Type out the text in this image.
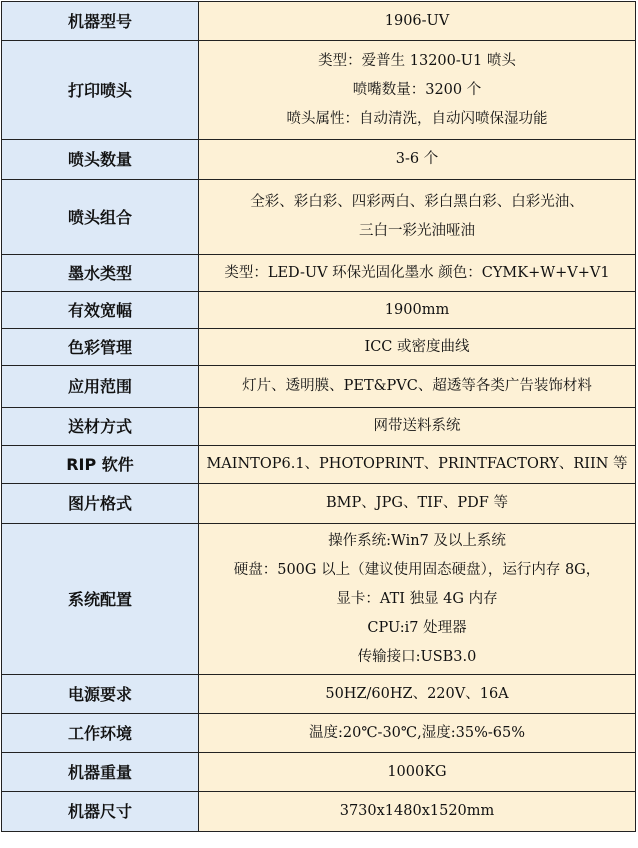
机器型号	1906-UV

打印喷头	类型：爱普生 13200-U1 喷头
喷嘴数量：3200 个
喷头属性：自动清洗，自动闪喷保湿功能

喷头数量	3-6 个

喷头组合	全彩、彩白彩、四彩两白、彩白黑白彩、白彩光油、
三白一彩光油哑油

墨水类型	类型：LED-UV 环保光固化墨水 颜色：CYMK+W+V+V1

有效宽幅	1900mm

色彩管理	ICC 或密度曲线

应用范围	灯片、透明膜、PET&PVC、超透等各类广告装饰材料

送材方式	网带送料系统

RIP 软件	MAINTOP6.1、PHOTOPRINT、PRINTFACTORY、RIIN 等

图片格式	BMP、JPG、TIF、PDF 等

系统配置	操作系统:Win7 及以上系统
硬盘：500G 以上（建议使用固态硬盘），运行内存 8G，
显卡：ATI 独显 4G 内存
CPU:i7 处理器
传输接口:USB3.0

电源要求	50HZ/60HZ、220V、16A

工作环境	温度:20℃-30℃,湿度:35%-65%

机器重量	1000KG

机器尺寸	3730x1480x1520mm
